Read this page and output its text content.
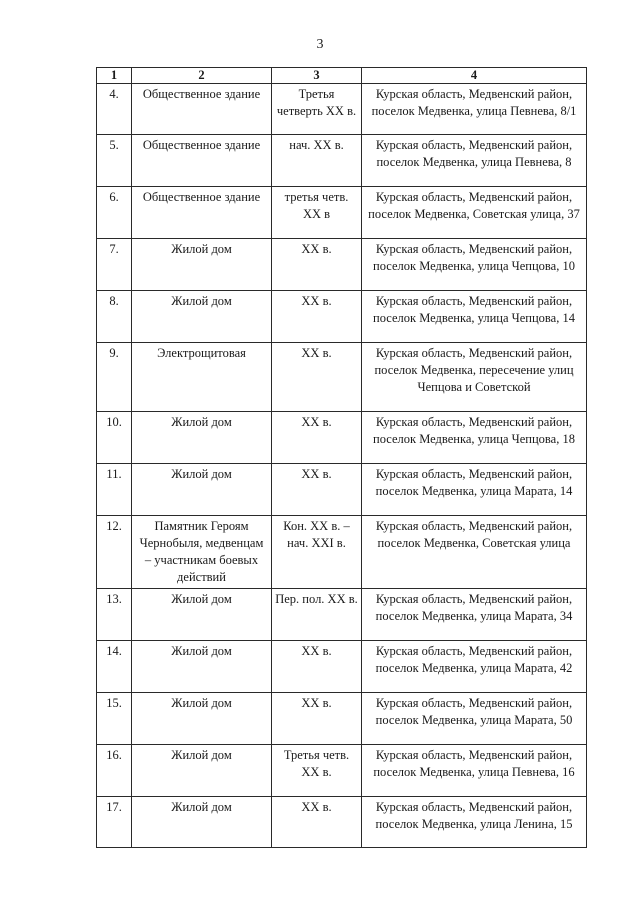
3
1	2	3	4
4.	Общественное здание	Третья четверть XX в.	Курская область, Медвенский район, поселок Медвенка, улица Певнева, 8/1
5.	Общественное здание	нач. XX в.	Курская область, Медвенский район, поселок Медвенка, улица Певнева, 8
6.	Общественное здание	третья четв. XX в	Курская область, Медвенский район, поселок Медвенка, Советская улица, 37
7.	Жилой дом	XX в.	Курская область, Медвенский район, поселок Медвенка, улица Чепцова, 10
8.	Жилой дом	XX в.	Курская область, Медвенский район, поселок Медвенка, улица Чепцова, 14
9.	Электрощитовая	XX в.	Курская область, Медвенский район, поселок Медвенка, пересечение улиц Чепцова и Советской
10.	Жилой дом	XX в.	Курская область, Медвенский район, поселок Медвенка, улица Чепцова, 18
11.	Жилой дом	XX в.	Курская область, Медвенский район, поселок Медвенка, улица Марата, 14
12.	Памятник Героям Чернобыля, медвенцам – участникам боевых действий	Кон. XX в. – нач. XXI в.	Курская область, Медвенский район, поселок Медвенка, Советская улица
13.	Жилой дом	Пер. пол. XX в.	Курская область, Медвенский район, поселок Медвенка, улица Марата, 34
14.	Жилой дом	XX в.	Курская область, Медвенский район, поселок Медвенка, улица Марата, 42
15.	Жилой дом	XX в.	Курская область, Медвенский район, поселок Медвенка, улица Марата, 50
16.	Жилой дом	Третья четв. XX в.	Курская область, Медвенский район, поселок Медвенка, улица Певнева, 16
17.	Жилой дом	XX в.	Курская область, Медвенский район, поселок Медвенка, улица Ленина, 15
